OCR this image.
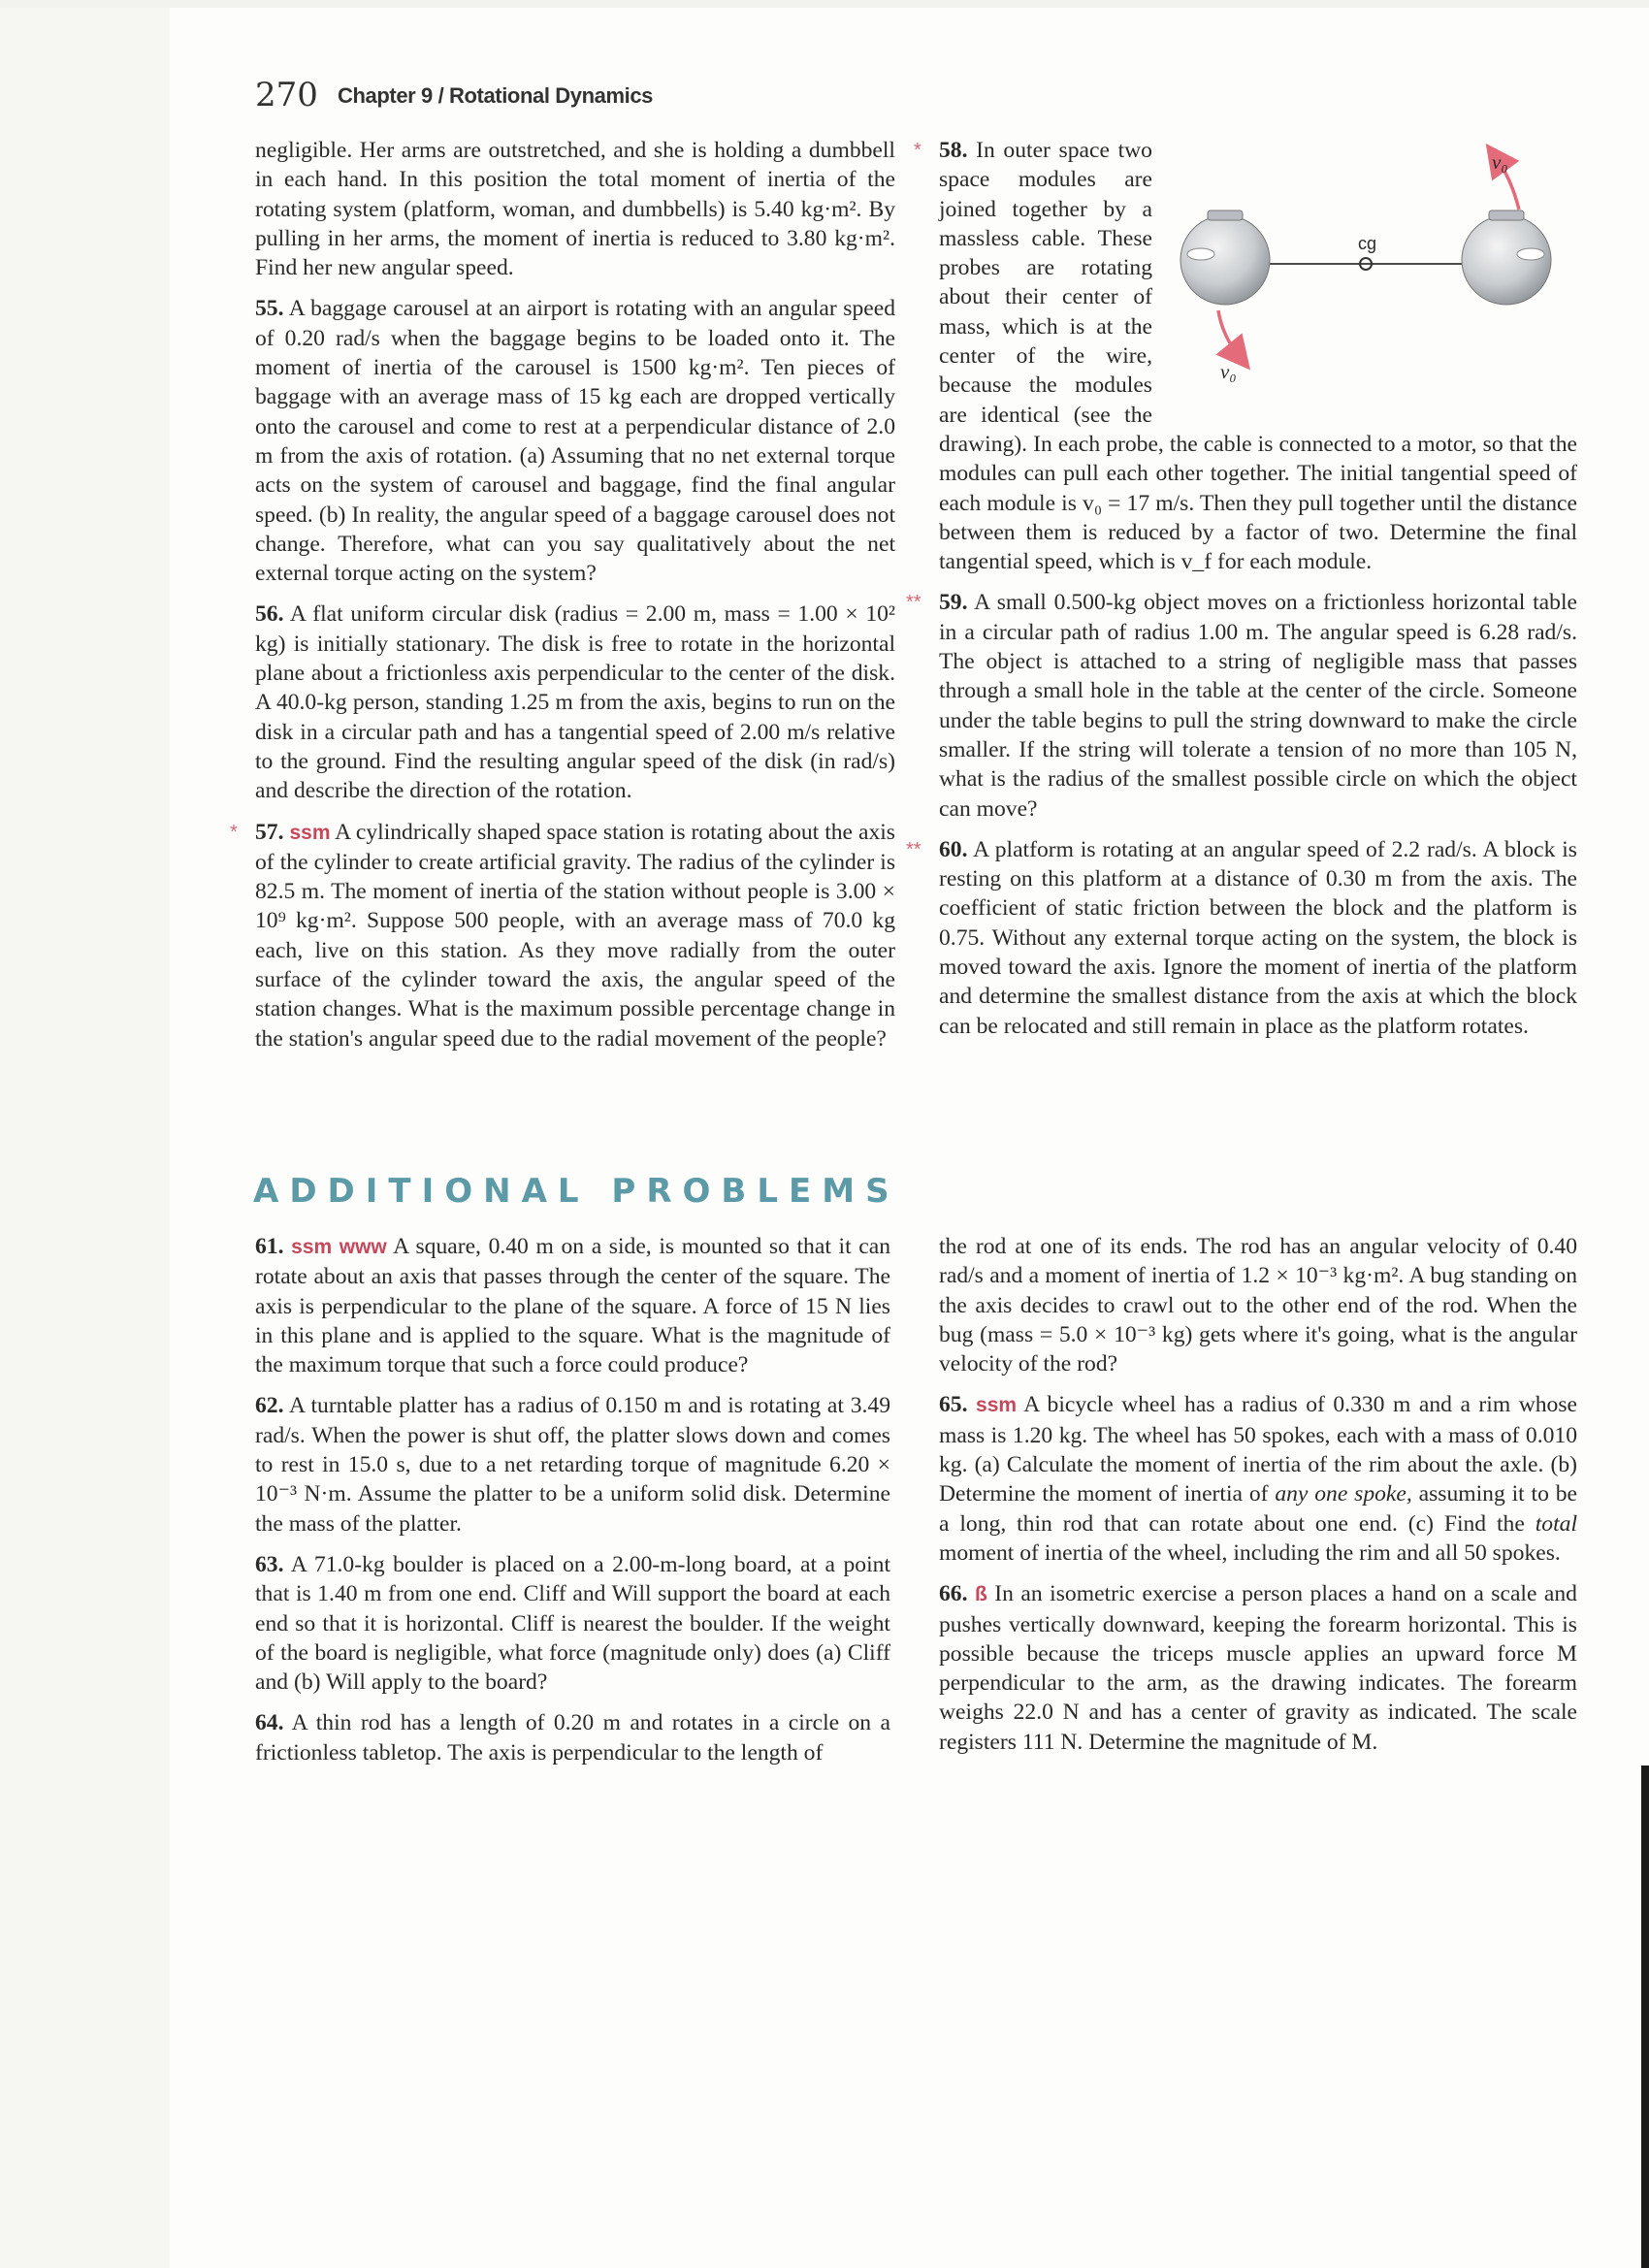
270 Chapter 9 / Rotational Dynamics

negligible. Her arms are outstretched, and she is holding a dumbbell in each hand. In this position the total moment of inertia of the rotating system (platform, woman, and dumbbells) is 5.40 kg·m². By pulling in her arms, the moment of inertia is reduced to 3.80 kg·m². Find her new angular speed.

55. A baggage carousel at an airport is rotating with an angular speed of 0.20 rad/s when the baggage begins to be loaded onto it. The moment of inertia of the carousel is 1500 kg·m². Ten pieces of baggage with an average mass of 15 kg each are dropped vertically onto the carousel and come to rest at a perpendicular distance of 2.0 m from the axis of rotation. (a) Assuming that no net external torque acts on the system of carousel and baggage, find the final angular speed. (b) In reality, the angular speed of a baggage carousel does not change. Therefore, what can you say qualitatively about the net external torque acting on the system?

56. A flat uniform circular disk (radius = 2.00 m, mass = 1.00 × 10² kg) is initially stationary. The disk is free to rotate in the horizontal plane about a frictionless axis perpendicular to the center of the disk. A 40.0-kg person, standing 1.25 m from the axis, begins to run on the disk in a circular path and has a tangential speed of 2.00 m/s relative to the ground. Find the resulting angular speed of the disk (in rad/s) and describe the direction of the rotation.

* 57. ssm A cylindrically shaped space station is rotating about the axis of the cylinder to create artificial gravity. The radius of the cylinder is 82.5 m. The moment of inertia of the station without people is 3.00 × 10⁹ kg·m². Suppose 500 people, with an average mass of 70.0 kg each, live on this station. As they move radially from the outer surface of the cylinder toward the axis, the angular speed of the station changes. What is the maximum possible percentage change in the station's angular speed due to the radial movement of the people?

cg
v₀
v₀
* 58. In outer space two space modules are joined together by a massless cable. These probes are rotating about their center of mass, which is at the center of the wire, because the modules are identical (see the drawing). In each probe, the cable is connected to a motor, so that the modules can pull each other together. The initial tangential speed of each module is v₀ = 17 m/s. Then they pull together until the distance between them is reduced by a factor of two. Determine the final tangential speed, which is v_f for each module.

** 59. A small 0.500-kg object moves on a frictionless horizontal table in a circular path of radius 1.00 m. The angular speed is 6.28 rad/s. The object is attached to a string of negligible mass that passes through a small hole in the table at the center of the circle. Someone under the table begins to pull the string downward to make the circle smaller. If the string will tolerate a tension of no more than 105 N, what is the radius of the smallest possible circle on which the object can move?

** 60. A platform is rotating at an angular speed of 2.2 rad/s. A block is resting on this platform at a distance of 0.30 m from the axis. The coefficient of static friction between the block and the platform is 0.75. Without any external torque acting on the system, the block is moved toward the axis. Ignore the moment of inertia of the platform and determine the smallest distance from the axis at which the block can be relocated and still remain in place as the platform rotates.

ADDITIONAL PROBLEMS

61. ssm www A square, 0.40 m on a side, is mounted so that it can rotate about an axis that passes through the center of the square. The axis is perpendicular to the plane of the square. A force of 15 N lies in this plane and is applied to the square. What is the magnitude of the maximum torque that such a force could produce?

62. A turntable platter has a radius of 0.150 m and is rotating at 3.49 rad/s. When the power is shut off, the platter slows down and comes to rest in 15.0 s, due to a net retarding torque of magnitude 6.20 × 10⁻³ N·m. Assume the platter to be a uniform solid disk. Determine the mass of the platter.

63. A 71.0-kg boulder is placed on a 2.00-m-long board, at a point that is 1.40 m from one end. Cliff and Will support the board at each end so that it is horizontal. Cliff is nearest the boulder. If the weight of the board is negligible, what force (magnitude only) does (a) Cliff and (b) Will apply to the board?

64. A thin rod has a length of 0.20 m and rotates in a circle on a frictionless tabletop. The axis is perpendicular to the length of

the rod at one of its ends. The rod has an angular velocity of 0.40 rad/s and a moment of inertia of 1.2 × 10⁻³ kg·m². A bug standing on the axis decides to crawl out to the other end of the rod. When the bug (mass = 5.0 × 10⁻³ kg) gets where it's going, what is the angular velocity of the rod?

65. ssm A bicycle wheel has a radius of 0.330 m and a rim whose mass is 1.20 kg. The wheel has 50 spokes, each with a mass of 0.010 kg. (a) Calculate the moment of inertia of the rim about the axle. (b) Determine the moment of inertia of any one spoke, assuming it to be a long, thin rod that can rotate about one end. (c) Find the total moment of inertia of the wheel, including the rim and all 50 spokes.

66. ß In an isometric exercise a person places a hand on a scale and pushes vertically downward, keeping the forearm horizontal. This is possible because the triceps muscle applies an upward force M perpendicular to the arm, as the drawing indicates. The forearm weighs 22.0 N and has a center of gravity as indicated. The scale registers 111 N. Determine the magnitude of M.
